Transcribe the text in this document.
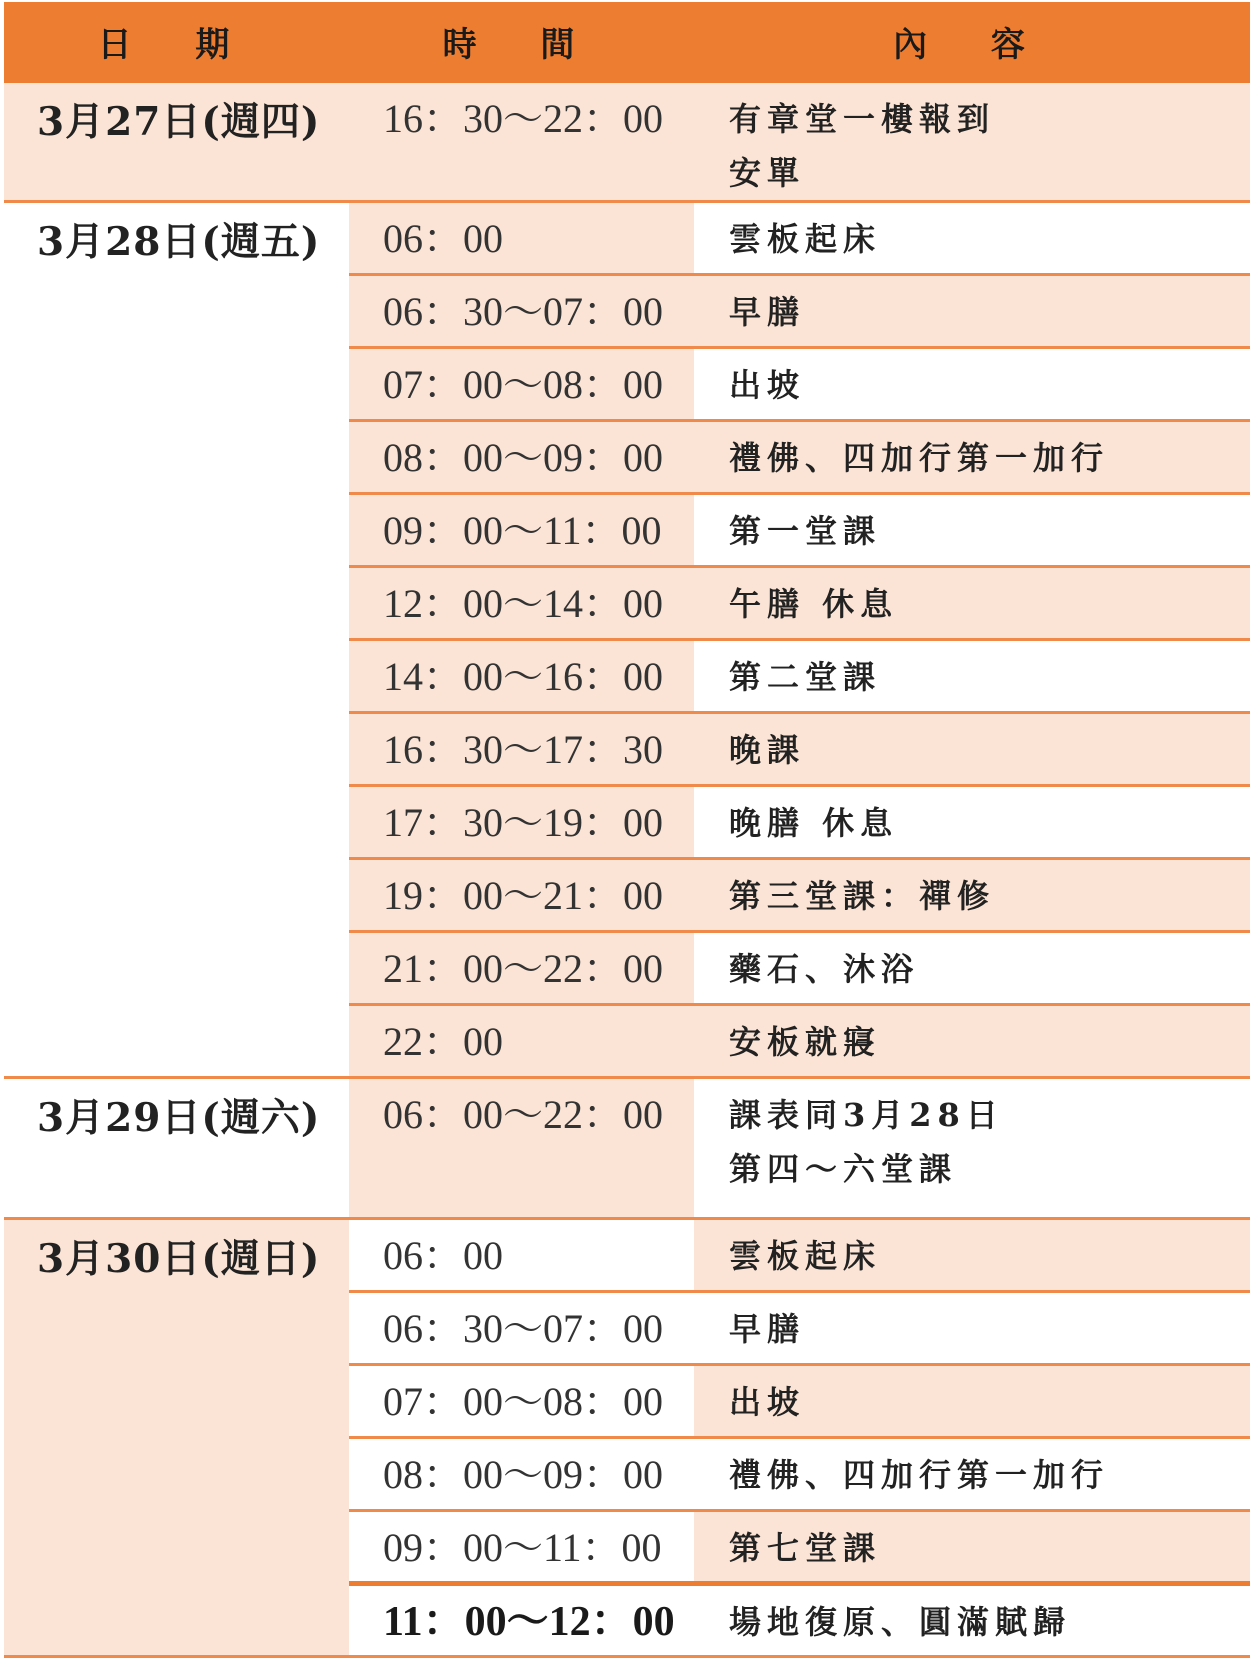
日 期	時 間	內 容
3月27日(週四)	16：30～22：00	有章堂一樓報到
安單

3月28日(週五)	06：00	雲板起床

	06：30～07：00	早膳

	07：00～08：00	出坡

	08：00～09：00	禮佛、四加行第一加行

	09：00～11：00	第一堂課

	12：00～14：00	午膳 休息

	14：00～16：00	第二堂課

	16：30～17：30	晚課

	17：30～19：00	晚膳 休息

	19：00～21：00	第三堂課：禪修

	21：00～22：00	藥石、沐浴

	22：00	安板就寢

3月29日(週六)	06：00～22：00	課表同3月28日
第四～六堂課

3月30日(週日)	06：00	雲板起床

	06：30～07：00	早膳

	07：00～08：00	出坡

	08：00～09：00	禮佛、四加行第一加行

	09：00～11：00	第七堂課

	11：00～12：00	場地復原、圓滿賦歸
